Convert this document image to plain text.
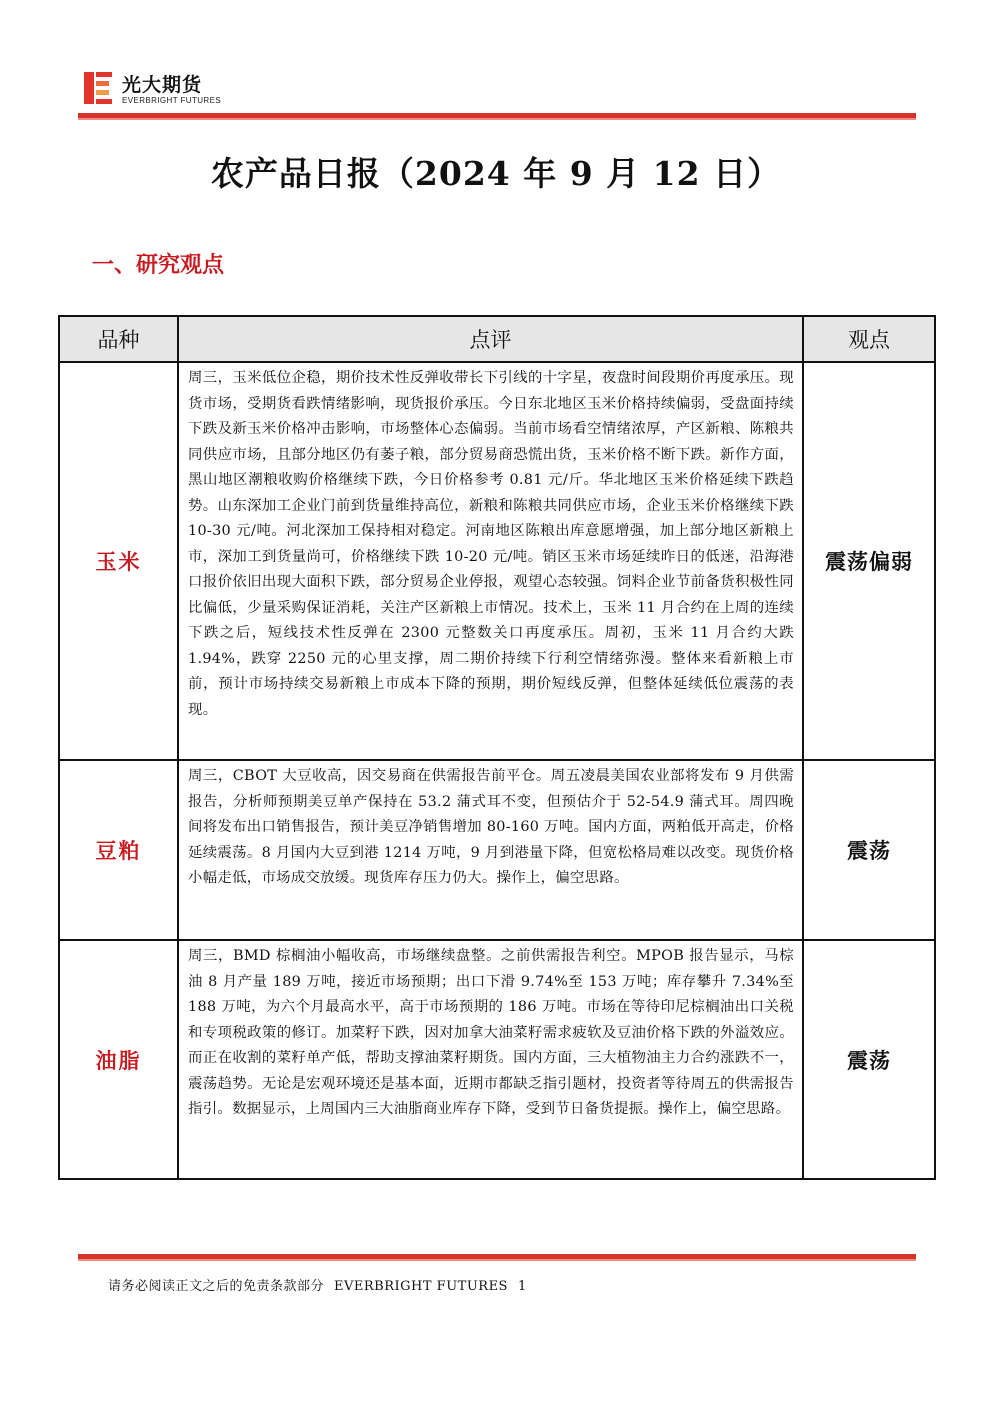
光大期货
EVERBRIGHT FUTURES
农产品日报（2024 年 9 月 12 日）
一、研究观点
品种	点评	观点
玉米	周三，玉米低位企稳，期价技术性反弹收带长下引线的十字星，夜盘时间段期价再度承压。现货市场，受期货看跌情绪影响，现货报价承压。今日东北地区玉米价格持续偏弱，受盘面持续下跌及新玉米价格冲击影响，市场整体心态偏弱。当前市场看空情绪浓厚，产区新粮、陈粮共同供应市场，且部分地区仍有萎子粮，部分贸易商恐慌出货，玉米价格不断下跌。新作方面，黑山地区潮粮收购价格继续下跌，今日价格参考 0.81 元/斤。华北地区玉米价格延续下跌趋势。山东深加工企业门前到货量维持高位，新粮和陈粮共同供应市场，企业玉米价格继续下跌 10-30 元/吨。河北深加工保持相对稳定。河南地区陈粮出库意愿增强，加上部分地区新粮上市，深加工到货量尚可，价格继续下跌 10-20 元/吨。销区玉米市场延续昨日的低迷，沿海港口报价依旧出现大面积下跌，部分贸易企业停报，观望心态较强。饲料企业节前备货积极性同比偏低，少量采购保证消耗，关注产区新粮上市情况。技术上，玉米 11 月合约在上周的连续下跌之后，短线技术性反弹在 2300 元整数关口再度承压。周初，玉米 11 月合约大跌 1.94%，跌穿 2250 元的心里支撑，周二期价持续下行利空情绪弥漫。整体来看新粮上市前，预计市场持续交易新粮上市成本下降的预期，期价短线反弹，但整体延续低位震荡的表现。	震荡偏弱
豆粕	周三，CBOT 大豆收高，因交易商在供需报告前平仓。周五凌晨美国农业部将发布 9 月供需报告，分析师预期美豆单产保持在 53.2 蒲式耳不变，但预估介于 52-54.9 蒲式耳。周四晚间将发布出口销售报告，预计美豆净销售增加 80-160 万吨。国内方面，两粕低开高走，价格延续震荡。8 月国内大豆到港 1214 万吨，9 月到港量下降，但宽松格局难以改变。现货价格小幅走低，市场成交放缓。现货库存压力仍大。操作上，偏空思路。	震荡
油脂	周三，BMD 棕榈油小幅收高，市场继续盘整。之前供需报告利空。MPOB 报告显示，马棕油 8 月产量 189 万吨，接近市场预期；出口下滑 9.74%至 153 万吨；库存攀升 7.34%至 188 万吨，为六个月最高水平，高于市场预期的 186 万吨。市场在等待印尼棕榈油出口关税和专项税政策的修订。加菜籽下跌，因对加拿大油菜籽需求疲软及豆油价格下跌的外溢效应。而正在收割的菜籽单产低，帮助支撑油菜籽期货。国内方面，三大植物油主力合约涨跌不一，震荡趋势。无论是宏观环境还是基本面，近期市都缺乏指引题材，投资者等待周五的供需报告指引。数据显示，上周国内三大油脂商业库存下降，受到节日备货提振。操作上，偏空思路。	震荡
请务必阅读正文之后的免责条款部分 EVERBRIGHT FUTURES 1
